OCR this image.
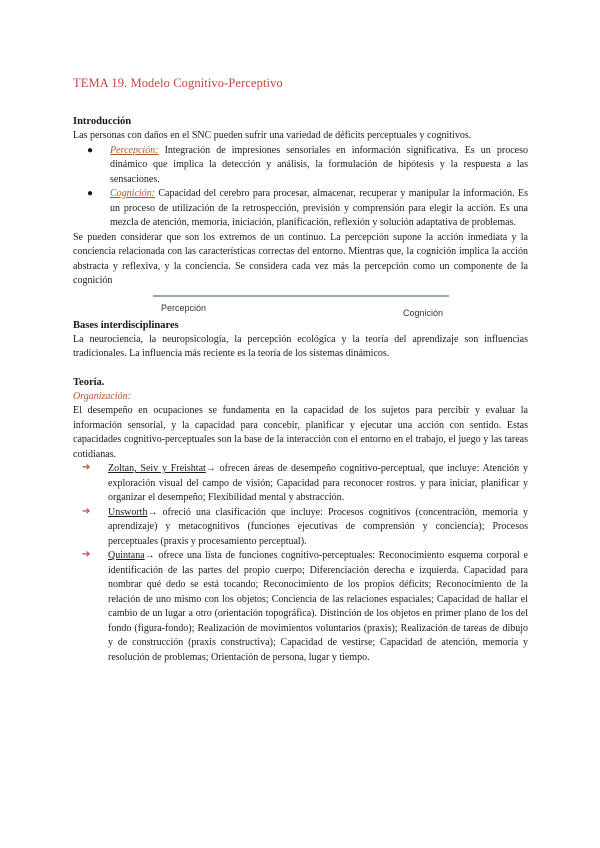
TEMA 19. Modelo Cognitivo-Perceptivo
Introducción
Las personas con daños en el SNC pueden sufrir una variedad de déficits perceptuales y cognitivos.
● Percepción: Integración de impresiones sensoriales en información significativa. Es un proceso dinámico que implica la detección y análisis, la formulación de hipótesis y la respuesta a las sensaciones.
● Cognición: Capacidad del cerebro para procesar, almacenar, recuperar y manipular la información. Es un proceso de utilización de la retrospección, previsión y comprensión para elegir la acción. Es una mezcla de atención, memoria, iniciación, planificación, reflexión y solución adaptativa de problemas.
Se pueden considerar que son los extremos de un continuo. La percepción supone la acción inmediata y la conciencia relacionada con las características correctas del entorno. Mientras que, la cognición implica la acción abstracta y reflexiva, y la conciencia. Se considera cada vez más la percepción como un componente de la cognición
Percepción	Cognición
Bases interdisciplinares
La neurociencia, la neuropsicología, la percepción ecológica y la teoría del aprendizaje son influencias tradicionales. La influencia más reciente es la teoría de los sistemas dinámicos.
Teoría.
Organización:
El desempeño en ocupaciones se fundamenta en la capacidad de los sujetos para percibir y evaluar la información sensorial, y la capacidad para concebir, planificar y ejecutar una acción con sentido. Estas capacidades cognitivo-perceptuales son la base de la interacción con el entorno en el trabajo, el juego y las tareas cotidianas.
➔ Zoltan, Seiv y Freishtat→ ofrecen áreas de desempeño cognitivo-perceptual, que incluye: Atención y exploración visual del campo de visión; Capacidad para reconocer rostros. y para iniciar, planificar y organizar el desempeño; Flexibilidad mental y abstracción.
➔ Unsworth→ ofreció una clasificación que incluye: Procesos cognitivos (concentración, memoria y aprendizaje) y metacognitivos (funciones ejecutivas de comprensión y conciencia); Procesos perceptuales (praxis y procesamiento perceptual).
➔ Quintana→ ofrece una lista de funciones cognitivo-perceptuales: Reconocimiento esquema corporal e identificación de las partes del propio cuerpo; Diferenciación derecha e izquierda. Capacidad para nombrar qué dedo se está tocando; Reconocimiento de los propios déficits; Reconocimiento de la relación de uno mismo con los objetos; Conciencia de las relaciones espaciales; Capacidad de hallar el cambio de un lugar a otro (orientación topográfica). Distinción de los objetos en primer plano de los del fondo (figura-fondo); Realización de movimientos voluntarios (praxis); Realización de tareas de dibujo y de construcción (praxis constructiva); Capacidad de vestirse; Capacidad de atención, memoria y resolución de problemas; Orientación de persona, lugar y tiempo.
